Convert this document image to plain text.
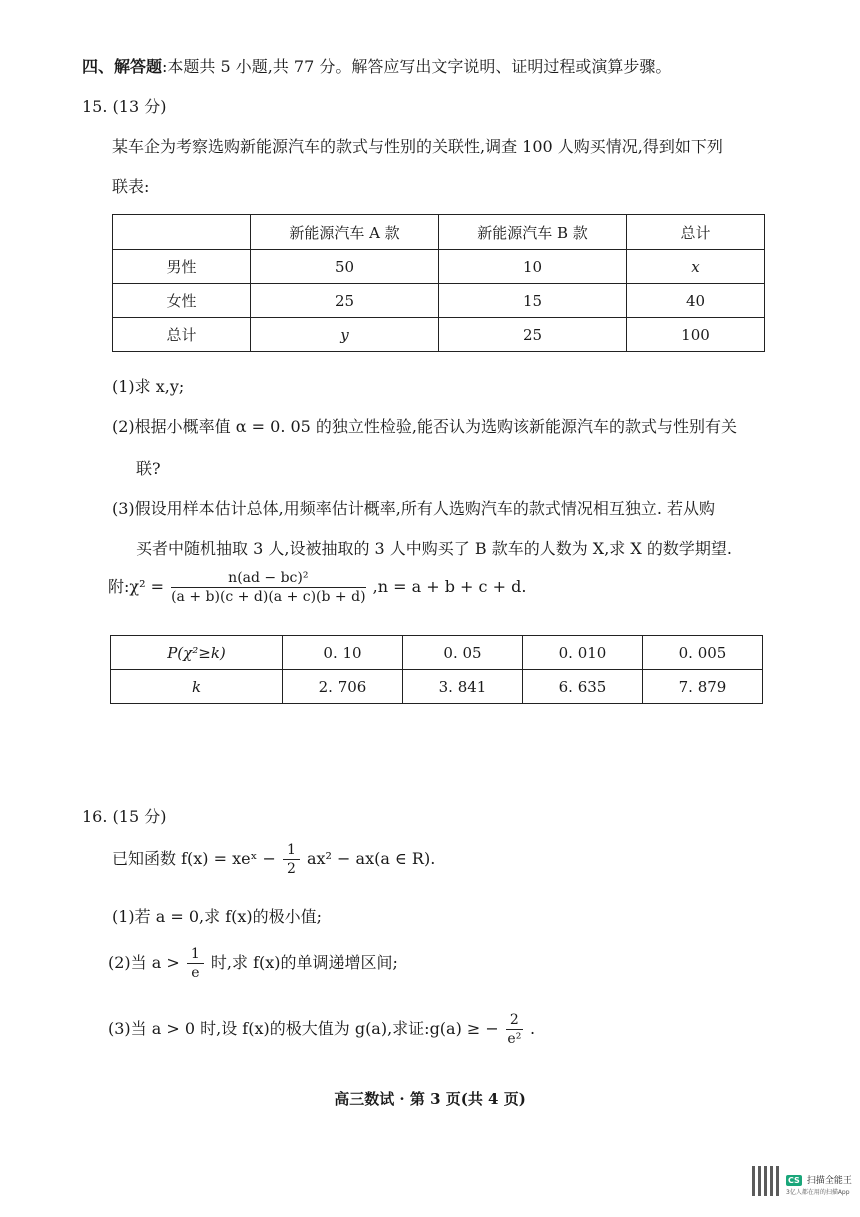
四、解答题:本题共 5 小题,共 77 分。解答应写出文字说明、证明过程或演算步骤。
15. (13 分)
某车企为考察选购新能源汽车的款式与性别的关联性,调查 100 人购买情况,得到如下列
联表:
	新能源汽车 A 款	新能源汽车 B 款	总计
男性	50	10	x
女性	25	15	40
总计	y	25	100
(1)求 x,y;
(2)根据小概率值 α = 0. 05 的独立性检验,能否认为选购该新能源汽车的款式与性别有关
联?
(3)假设用样本估计总体,用频率估计概率,所有人选购汽车的款式情况相互独立. 若从购
买者中随机抽取 3 人,设被抽取的 3 人中购买了 B 款车的人数为 X,求 X 的数学期望.
附:χ² = $\frac{\text{n(ad − bc)²}}{(a + b)(c + d)(a + c)(b + d)} ,n = a + b + c + d$.
P(χ²≥k)	0. 10	0. 05	0. 010	0. 005
k	2. 706	3. 841	6. 635	7. 879
16. (15 分)
已知函数 f(x) = xeˣ − $\frac{1}{2} ax^2 - ax(a$ ∈ R).
(1)若 a = 0,求 f(x)的极小值;
(2)当 $a > \frac{1}{e}$ 时,求 f(x)的单调递增区间;
(3)当 a > 0 时,设 f(x)的极大值为 g(a),求证:g(a) ≥ − $\frac{2}{\text{e²}}$ .
高三数试 · 第 3 页(共 4 页)
CS 扫描全能王
3亿人都在用的扫描App
